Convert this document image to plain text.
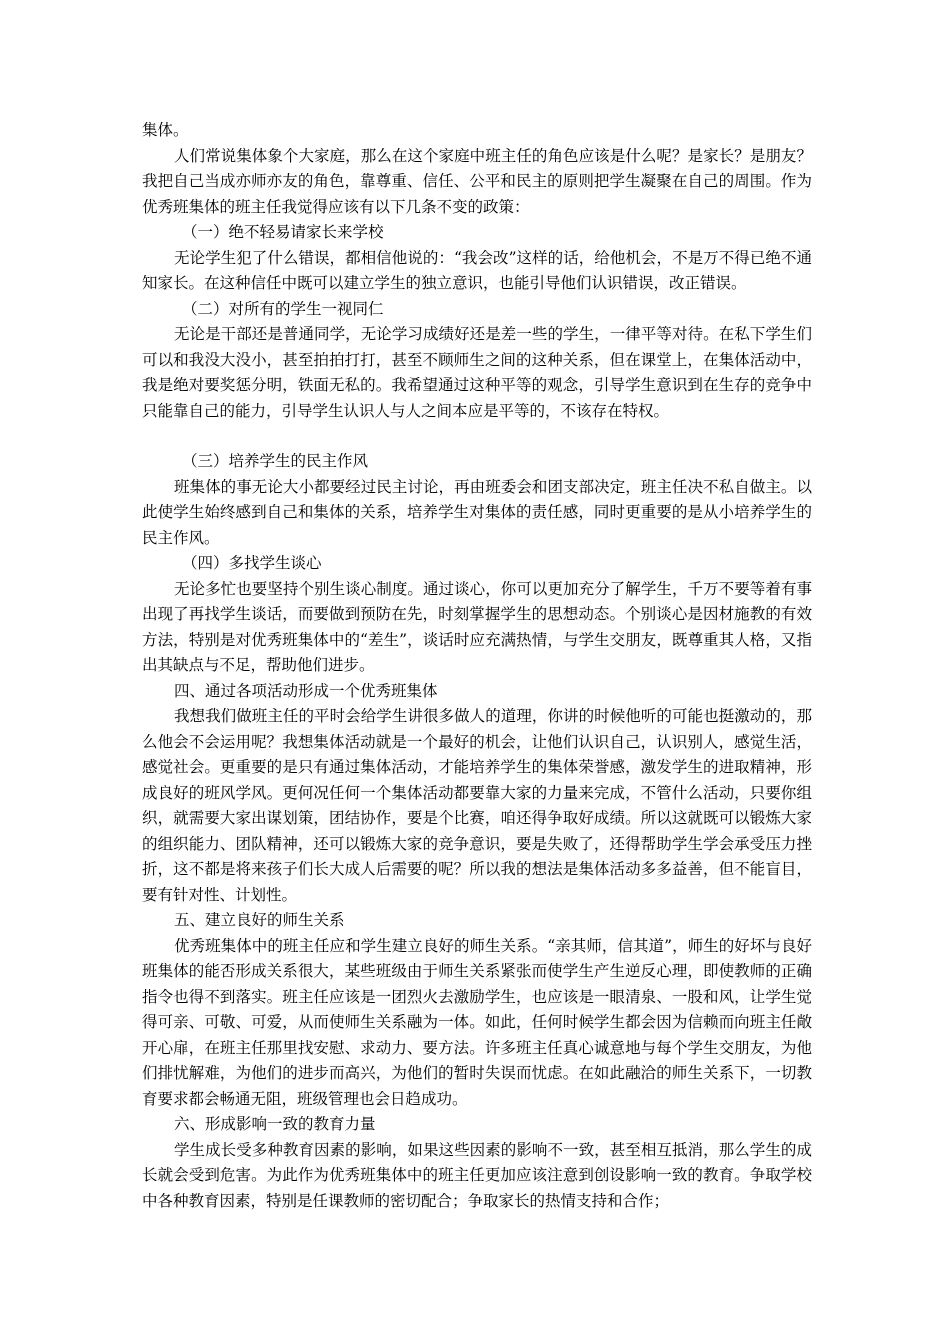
集体。

人们常说集体象个大家庭，那么在这个家庭中班主任的角色应该是什么呢？是家长？是朋友？我把自己当成亦师亦友的角色，靠尊重、信任、公平和民主的原则把学生凝聚在自己的周围。作为优秀班集体的班主任我觉得应该有以下几条不变的政策：

（一）绝不轻易请家长来学校

无论学生犯了什么错误，都相信他说的：“我会改”这样的话，给他机会，不是万不得已绝不通知家长。在这种信任中既可以建立学生的独立意识，也能引导他们认识错误，改正错误。

（二）对所有的学生一视同仁

无论是干部还是普通同学，无论学习成绩好还是差一些的学生，一律平等对待。在私下学生们可以和我没大没小，甚至拍拍打打，甚至不顾师生之间的这种关系，但在课堂上，在集体活动中，我是绝对要奖惩分明，铁面无私的。我希望通过这种平等的观念，引导学生意识到在生存的竞争中只能靠自己的能力，引导学生认识人与人之间本应是平等的，不该存在特权。

（三）培养学生的民主作风

班集体的事无论大小都要经过民主讨论，再由班委会和团支部决定，班主任决不私自做主。以此使学生始终感到自己和集体的关系，培养学生对集体的责任感，同时更重要的是从小培养学生的民主作风。

（四）多找学生谈心

无论多忙也要坚持个别生谈心制度。通过谈心，你可以更加充分了解学生，千万不要等着有事出现了再找学生谈话，而要做到预防在先，时刻掌握学生的思想动态。个别谈心是因材施教的有效方法，特别是对优秀班集体中的“差生”，谈话时应充满热情，与学生交朋友，既尊重其人格，又指出其缺点与不足，帮助他们进步。

四、通过各项活动形成一个优秀班集体

我想我们做班主任的平时会给学生讲很多做人的道理，你讲的时候他听的可能也挺激动的，那么他会不会运用呢？我想集体活动就是一个最好的机会，让他们认识自己，认识别人，感觉生活，感觉社会。更重要的是只有通过集体活动，才能培养学生的集体荣誉感，激发学生的进取精神，形成良好的班风学风。更何况任何一个集体活动都要靠大家的力量来完成，不管什么活动，只要你组织，就需要大家出谋划策，团结协作，要是个比赛，咱还得争取好成绩。所以这就既可以锻炼大家的组织能力、团队精神，还可以锻炼大家的竞争意识，要是失败了，还得帮助学生学会承受压力挫折，这不都是将来孩子们长大成人后需要的呢？所以我的想法是集体活动多多益善，但不能盲目，要有针对性、计划性。

五、建立良好的师生关系

优秀班集体中的班主任应和学生建立良好的师生关系。“亲其师，信其道”，师生的好坏与良好班集体的能否形成关系很大，某些班级由于师生关系紧张而使学生产生逆反心理，即使教师的正确指令也得不到落实。班主任应该是一团烈火去激励学生，也应该是一眼清泉、一股和风，让学生觉得可亲、可敬、可爱，从而使师生关系融为一体。如此，任何时候学生都会因为信赖而向班主任敞开心扉，在班主任那里找安慰、求动力、要方法。许多班主任真心诚意地与每个学生交朋友，为他们排忧解难，为他们的进步而高兴，为他们的暂时失误而忧虑。在如此融洽的师生关系下，一切教育要求都会畅通无阻，班级管理也会日趋成功。

六、形成影响一致的教育力量

学生成长受多种教育因素的影响，如果这些因素的影响不一致，甚至相互抵消，那么学生的成长就会受到危害。为此作为优秀班集体中的班主任更加应该注意到创设影响一致的教育。争取学校中各种教育因素，特别是任课教师的密切配合；争取家长的热情支持和合作；
